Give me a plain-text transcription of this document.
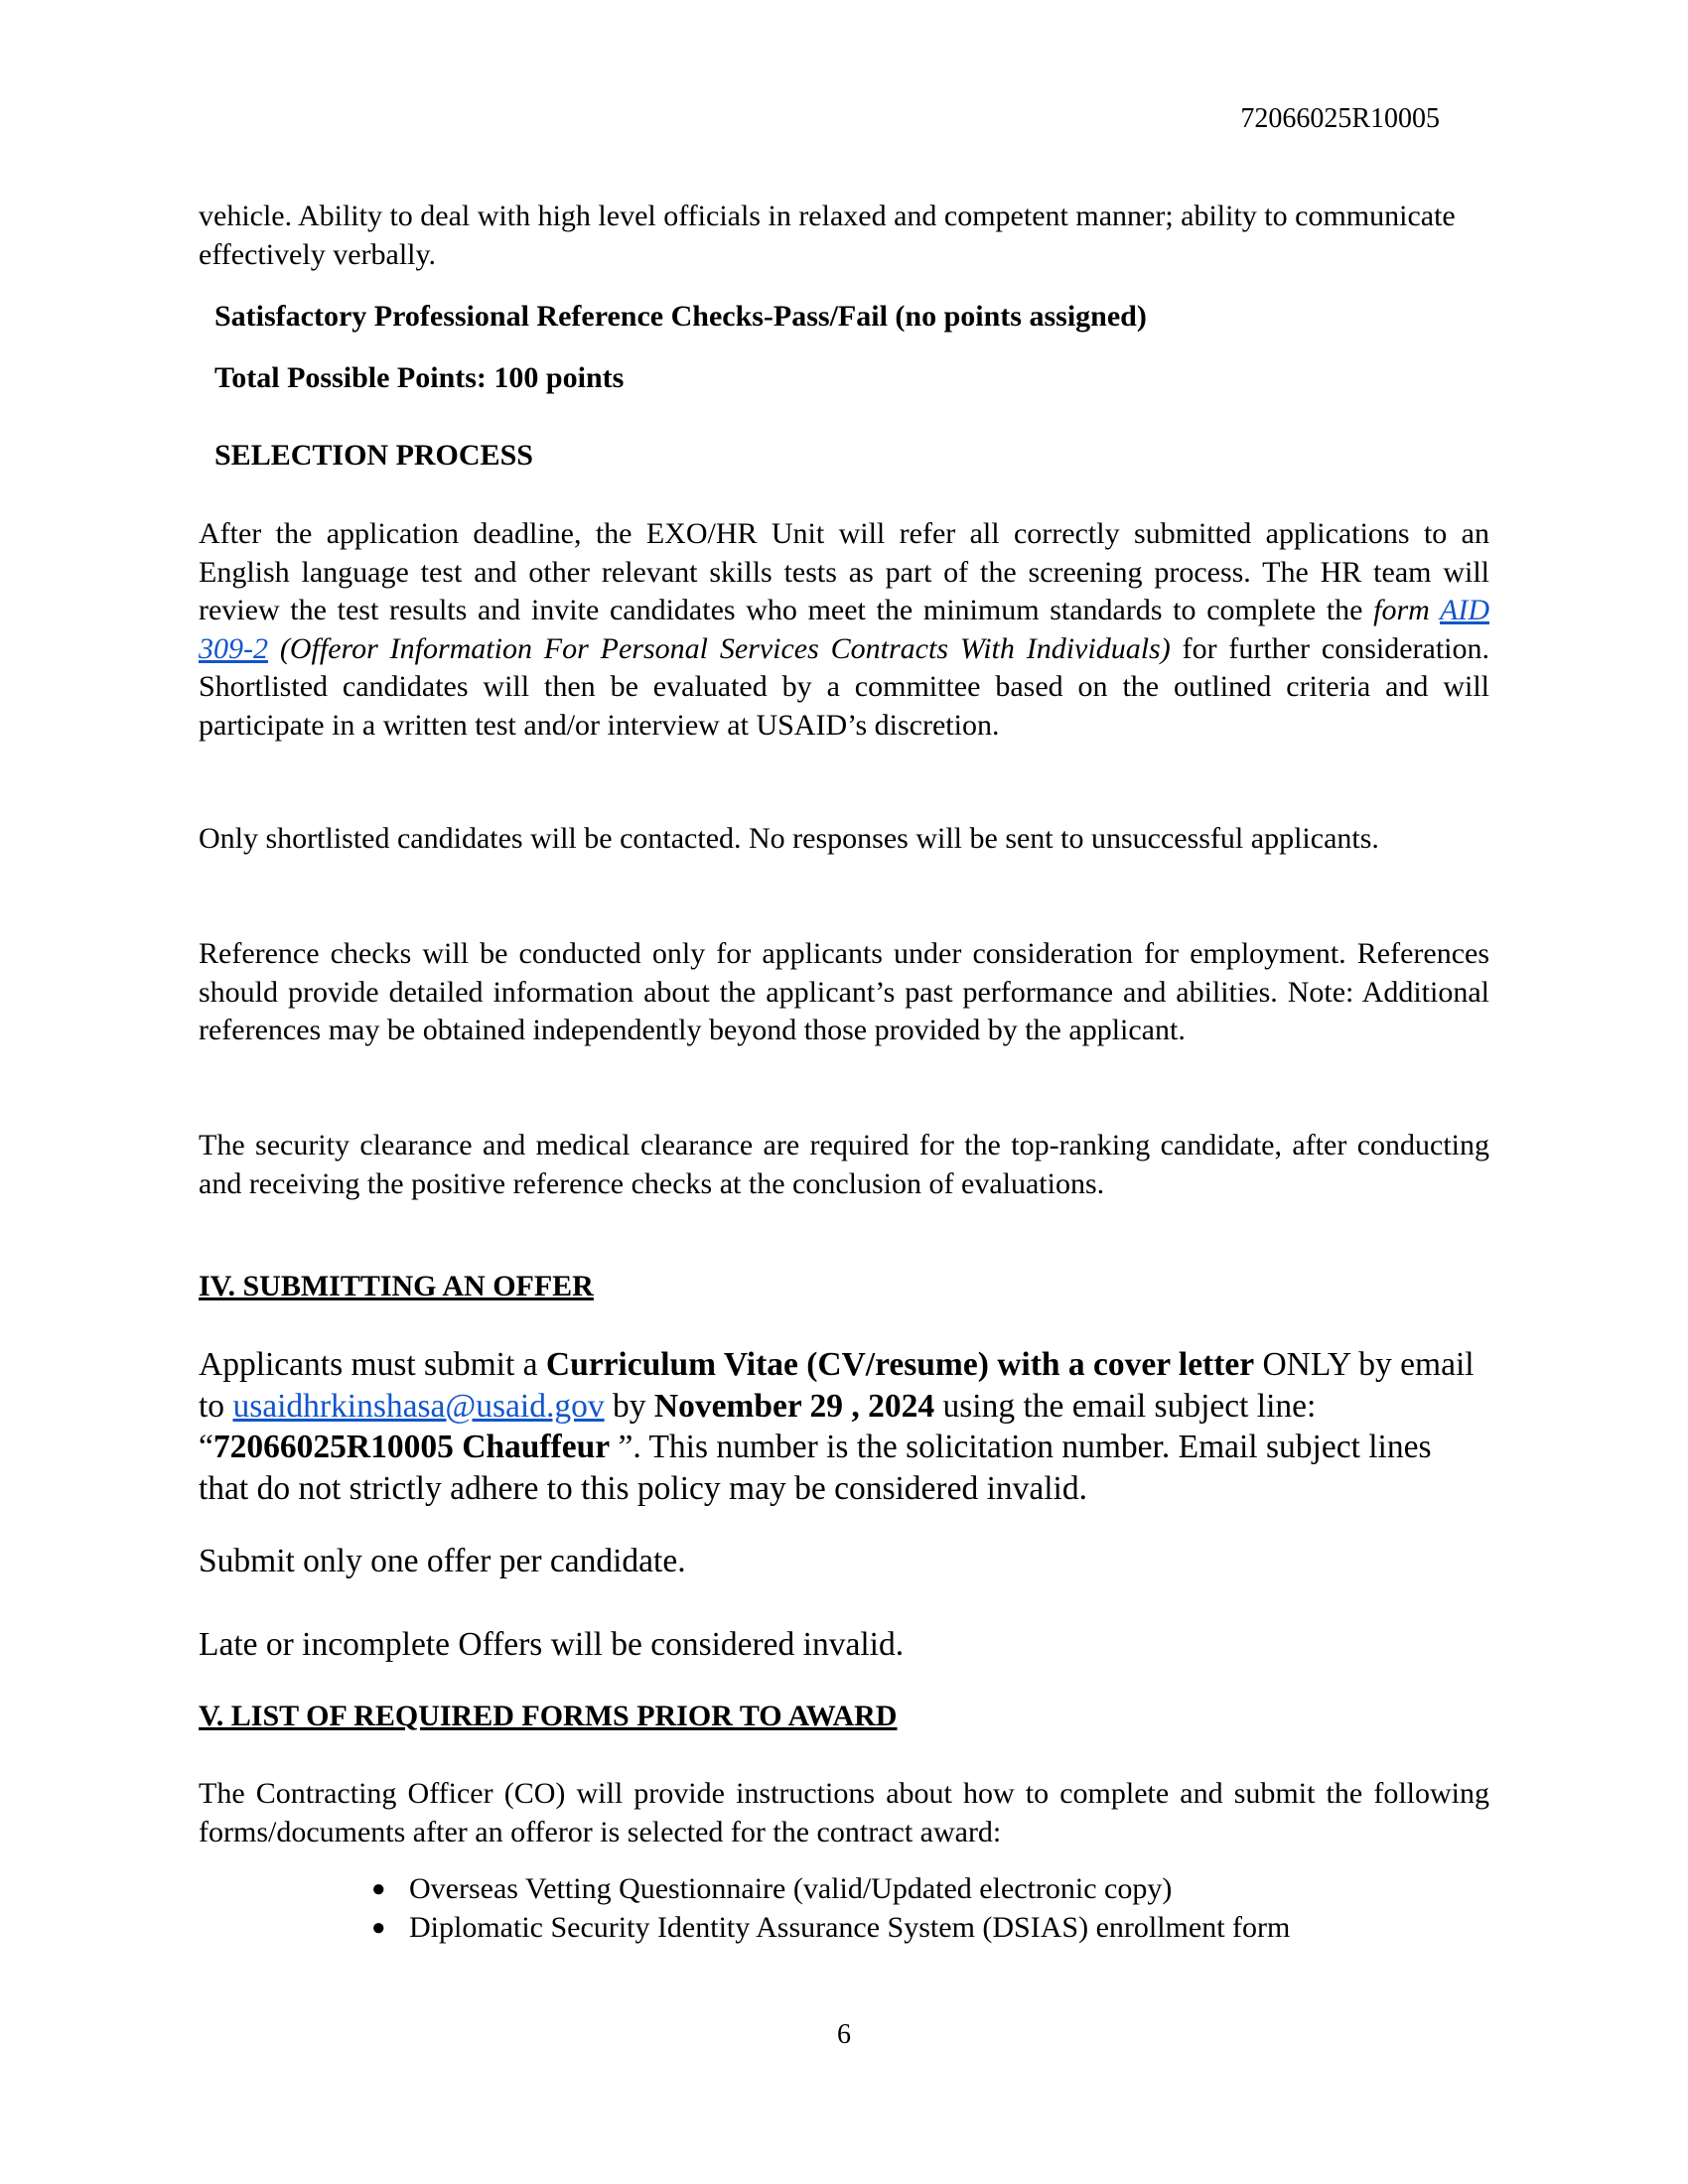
72066025R10005
vehicle. Ability to deal with high level officials in relaxed and competent manner; ability to communicate effectively verbally.
Satisfactory Professional Reference Checks-Pass/Fail (no points assigned)
Total Possible Points: 100 points
SELECTION PROCESS
After the application deadline, the EXO/HR Unit will refer all correctly submitted applications to an English language test and other relevant skills tests as part of the screening process. The HR team will review the test results and invite candidates who meet the minimum standards to complete the form AID 309-2 (Offeror Information For Personal Services Contracts With Individuals) for further consideration. Shortlisted candidates will then be evaluated by a committee based on the outlined criteria and will participate in a written test and/or interview at USAID’s discretion.
Only shortlisted candidates will be contacted. No responses will be sent to unsuccessful applicants.
Reference checks will be conducted only for applicants under consideration for employment. References should provide detailed information about the applicant’s past performance and abilities. Note: Additional references may be obtained independently beyond those provided by the applicant.
The security clearance and medical clearance are required for the top-ranking candidate, after conducting and receiving the positive reference checks at the conclusion of evaluations.
IV. SUBMITTING AN OFFER
Applicants must submit a Curriculum Vitae (CV/resume) with a cover letter ONLY by email to usaidhrkinshasa@usaid.gov by November 29 , 2024 using the email subject line: “72066025R10005 Chauffeur ”. This number is the solicitation number. Email subject lines that do not strictly adhere to this policy may be considered invalid.
Submit only one offer per candidate.
Late or incomplete Offers will be considered invalid.
V. LIST OF REQUIRED FORMS PRIOR TO AWARD
The Contracting Officer (CO) will provide instructions about how to complete and submit the following forms/documents after an offeror is selected for the contract award:
● Overseas Vetting Questionnaire (valid/Updated electronic copy)
● Diplomatic Security Identity Assurance System (DSIAS) enrollment form
6
